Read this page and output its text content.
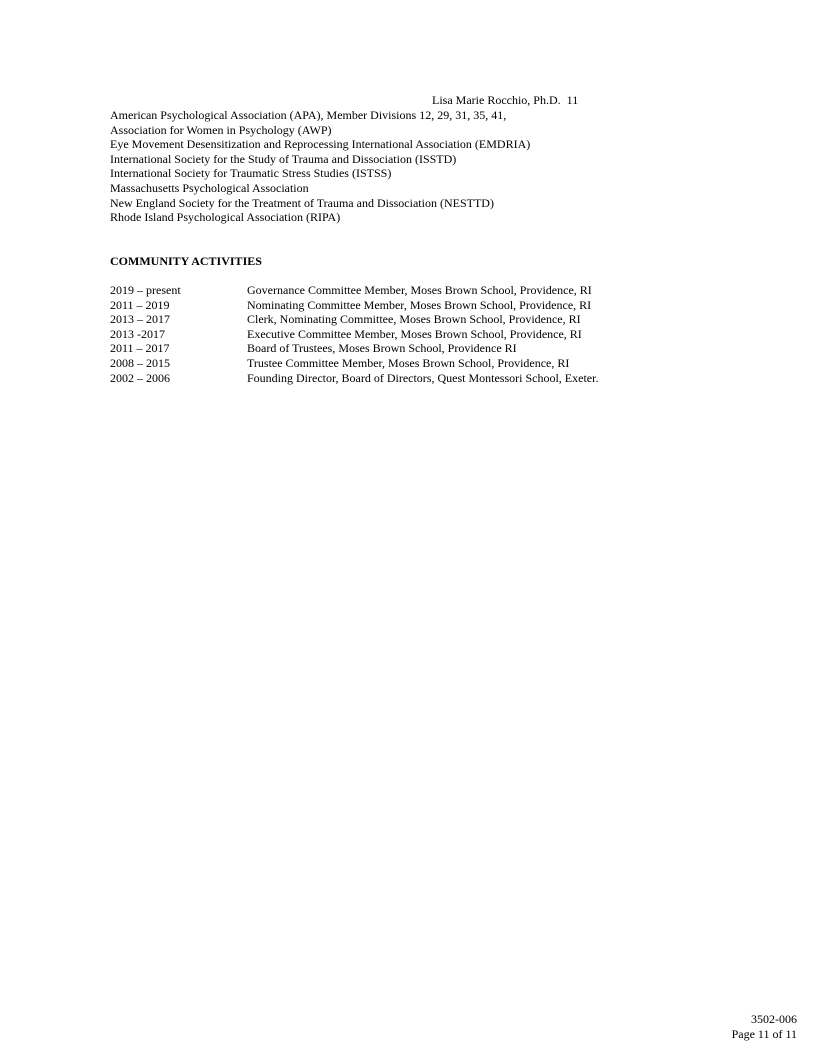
Lisa Marie Rocchio, Ph.D.  11
American Psychological Association (APA), Member Divisions 12, 29, 31, 35, 41,
Association for Women in Psychology (AWP)
Eye Movement Desensitization and Reprocessing International Association (EMDRIA)
International Society for the Study of Trauma and Dissociation (ISSTD)
International Society for Traumatic Stress Studies (ISTSS)
Massachusetts Psychological Association
New England Society for the Treatment of Trauma and Dissociation (NESTTD)
Rhode Island Psychological Association (RIPA)
COMMUNITY ACTIVITIES
2019 – present	Governance Committee Member, Moses Brown School, Providence, RI
2011 – 2019	Nominating Committee Member, Moses Brown School, Providence, RI
2013 – 2017	Clerk, Nominating Committee, Moses Brown School, Providence, RI
2013 -2017	Executive Committee Member, Moses Brown School, Providence, RI
2011 – 2017	Board of Trustees, Moses Brown School, Providence RI
2008 – 2015	Trustee Committee Member, Moses Brown School, Providence, RI
2002 – 2006	Founding Director, Board of Directors, Quest Montessori School, Exeter.
3502-006
Page 11 of 11
